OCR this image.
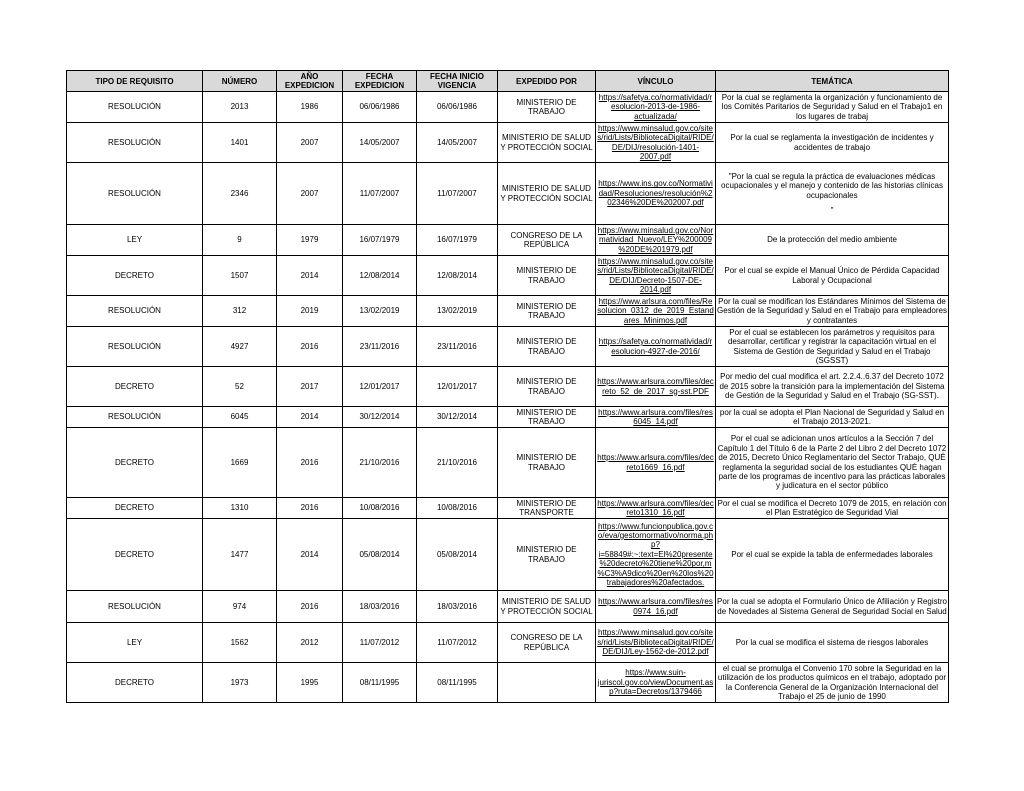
TIPO DE REQUISITO	NÚMERO	AÑO EXPEDICION	FECHA EXPEDICION	FECHA INICIO VIGENCIA	EXPEDIDO POR	VÍNCULO	TEMÁTICA
RESOLUCIÓN	2013	1986	06/06/1986	06/06/1986	MINISTERIO DE TRABAJO	https://safetya.co/normatividad/resolucion-2013-de-1986-actualizada/	Por la cual se reglamenta la organización y funcionamiento de los Comités Paritarios de Seguridad y Salud en el Trabajo1 en los lugares de trabaj
RESOLUCIÓN	1401	2007	14/05/2007	14/05/2007	MINISTERIO DE SALUD Y PROTECCIÓN SOCIAL	https://www.minsalud.gov.co/sites/rid/Lists/BibliotecaDigital/RIDE/DE/DIJ/resolución-1401-2007.pdf	Por la cual se reglamenta la investigación de incidentes y accidentes de trabajo
RESOLUCIÓN	2346	2007	11/07/2007	11/07/2007	MINISTERIO DE SALUD Y PROTECCIÓN SOCIAL	https://www.ins.gov.co/Normatividad/Resoluciones/resolución%202346%20DE%202007.pdf	"Por la cual se regula la práctica de evaluaciones médicas ocupacionales y el manejo y contenido de las historias clínicas ocupacionales
"

LEY	9	1979	16/07/1979	16/07/1979	CONGRESO DE LA REPÚBLICA	https://www.minsalud.gov.co/Normatividad_Nuevo/LEY%200009%20DE%201979.pdf	De la protección del medio ambiente
DECRETO	1507	2014	12/08/2014	12/08/2014	MINISTERIO DE TRABAJO	https://www.minsalud.gov.co/sites/rid/Lists/BibliotecaDigital/RIDE/DE/DIJ/Decreto-1507-DE-2014.pdf	Por el cual se expide el Manual Único de Pérdida Capacidad Laboral y Ocupacional
RESOLUCIÓN	312	2019	13/02/2019	13/02/2019	MINISTERIO DE TRABAJO	https://www.arlsura.com/files/Resolucion_0312_de_2019_Estandares_Minimos.pdf	Por la cual se modifican los Estándares Mínimos del Sistema de Gestión de la Seguridad y Salud en el Trabajo para empleadores y contratantes
RESOLUCIÓN	4927	2016	23/11/2016	23/11/2016	MINISTERIO DE TRABAJO	https://safetya.co/normatividad/resolucion-4927-de-2016/	Por el cual se establecen los parámetros y requisitos para desarrollar, certificar y registrar la capacitación virtual en el Sistema de Gestión de Seguridad y Salud en el Trabajo (SGSST)
DECRETO	52	2017	12/01/2017	12/01/2017	MINISTERIO DE TRABAJO	https://www.arlsura.com/files/decreto_52_de_2017_sg-sst.PDF	Por medio del cual modifica el art. 2.2.4..6.37 del Decreto 1072 de 2015 sobre la transición para la implementación del Sistema de Gestión de la Seguridad y Salud en el Trabajo (SG-SST).
RESOLUCIÓN	6045	2014	30/12/2014	30/12/2014	MINISTERIO DE TRABAJO	https://www.arlsura.com/files/res6045_14.pdf	por la cual se adopta el Plan Nacional de Seguridad y Salud en el Trabajo 2013-2021.
DECRETO	1669	2016	21/10/2016	21/10/2016	MINISTERIO DE TRABAJO	https://www.arlsura.com/files/decreto1669_16.pdf	Por el cual se adicionan unos artículos a la Sección 7 del Capítulo 1 del Título 6 de la Parte 2 del Libro 2 del Decreto 1072 de 2015, Decreto Único Reglamentario del Sector Trabajo, QUÉ reglamenta la seguridad social de los estudiantes QUÉ hagan parte de los programas de incentivo para las prácticas laborales y judicatura en el sector público
DECRETO	1310	2016	10/08/2016	10/08/2016	MINISTERIO DE TRANSPORTE	https://www.arlsura.com/files/decreto1310_16.pdf	Por el cual se modifica el Decreto 1079 de 2015, en relación con el Plan Estratégico de Seguridad Vial
DECRETO	1477	2014	05/08/2014	05/08/2014	MINISTERIO DE TRABAJO	https://www.funcionpublica.gov.co/eva/gestornormativo/norma.php?i=58849#:~:text=El%20presente%20decreto%20tiene%20por,m%C3%A9dico%20en%20los%20trabajadores%20afectados.	Por el cual se expide la tabla de enfermedades laborales
RESOLUCIÓN	974	2016	18/03/2016	18/03/2016	MINISTERIO DE SALUD Y PROTECCIÓN SOCIAL	https://www.arlsura.com/files/res0974_16.pdf	Por la cual se adopta el Formulario Único de Afiliación y Registro de Novedades al Sistema General de Seguridad Social en Salud
LEY	1562	2012	11/07/2012	11/07/2012	CONGRESO DE LA REPÚBLICA	https://www.minsalud.gov.co/sites/rid/Lists/BibliotecaDigital/RIDE/DE/DIJ/Ley-1562-de-2012.pdf	Por la cual se modifica el sistema de riesgos laborales
DECRETO	1973	1995	08/11/1995	08/11/1995		https://www.suin-juriscol.gov.co/viewDocument.asp?ruta=Decretos/1379466	el cual se promulga el Convenio 170 sobre la Seguridad en la utilización de los productos químicos en el trabajo, adoptado por la Conferencia General de la Organización Internacional del Trabajo el 25 de junio de 1990
